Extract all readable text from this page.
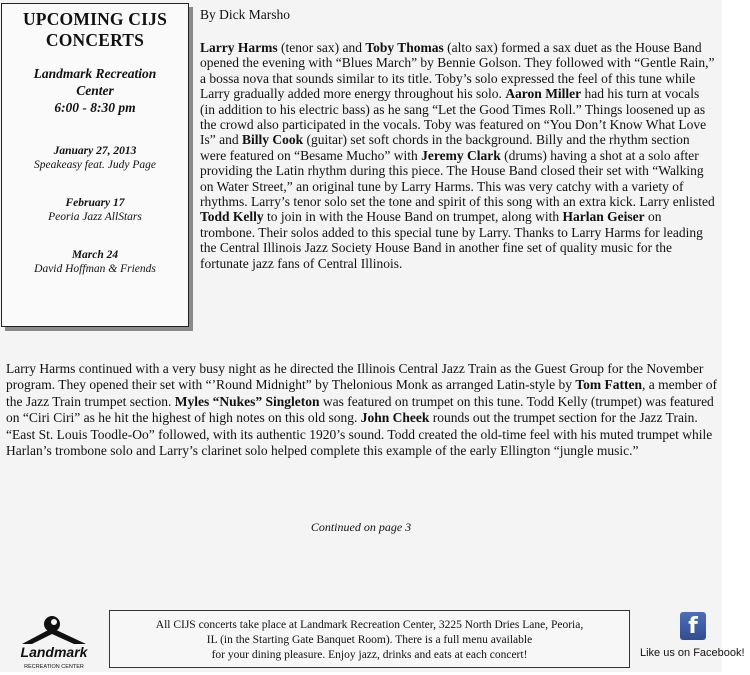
UPCOMING CIJS
CONCERTS
Landmark Recreation
Center
6:00 - 8:30 pm
January 27, 2013
Speakeasy feat. Judy Page
February 17
Peoria Jazz AllStars
March 24
David Hoffman & Friends
By Dick Marsho

Larry Harms (tenor sax) and Toby Thomas (alto sax) formed a sax duet as the House Band opened the evening with “Blues March” by Bennie Golson. They followed with “Gentle Rain,” a bossa nova that sounds similar to its title. Toby’s solo expressed the feel of this tune while Larry gradually added more energy throughout his solo. Aaron Miller had his turn at vocals (in addition to his electric bass) as he sang “Let the Good Times Roll.” Things loosened up as the crowd also participated in the vocals. Toby was featured on “You Don’t Know What Love Is” and Billy Cook (guitar) set soft chords in the background. Billy and the rhythm section were featured on “Besame Mucho” with Jeremy Clark (drums) having a shot at a solo after providing the Latin rhythm during this piece. The House Band closed their set with “Walking on Water Street,” an original tune by Larry Harms. This was very catchy with a variety of rhythms. Larry’s tenor solo set the tone and spirit of this song with an extra kick. Larry enlisted Todd Kelly to join in with the House Band on trumpet, along with Harlan Geiser on trombone. Their solos added to this special tune by Larry. Thanks to Larry Harms for leading the Central Illinois Jazz Society House Band in another fine set of quality music for the fortunate jazz fans of Central Illinois.

Larry Harms continued with a very busy night as he directed the Illinois Central Jazz Train as the Guest Group for the November program. They opened their set with “’Round Midnight” by Thelonious Monk as arranged Latin-style by Tom Fatten, a member of the Jazz Train trumpet section. Myles “Nukes” Singleton was featured on trumpet on this tune. Todd Kelly (trumpet) was featured on “Ciri Ciri” as he hit the highest of high notes on this old song. John Cheek rounds out the trumpet section for the Jazz Train. “East St. Louis Toodle-Oo” followed, with its authentic 1920’s sound. Todd created the old-time feel with his muted trumpet while Harlan’s trombone solo and Larry’s clarinet solo helped complete this example of the early Ellington “jungle music.”

Continued on page 3
Landmark
RECREATION CENTER
All CIJS concerts take place at Landmark Recreation Center, 3225 North Dries Lane, Peoria,
IL (in the Starting Gate Banquet Room). There is a full menu available
for your dining pleasure. Enjoy jazz, drinks and eats at each concert!
f
Like us on Facebook!
